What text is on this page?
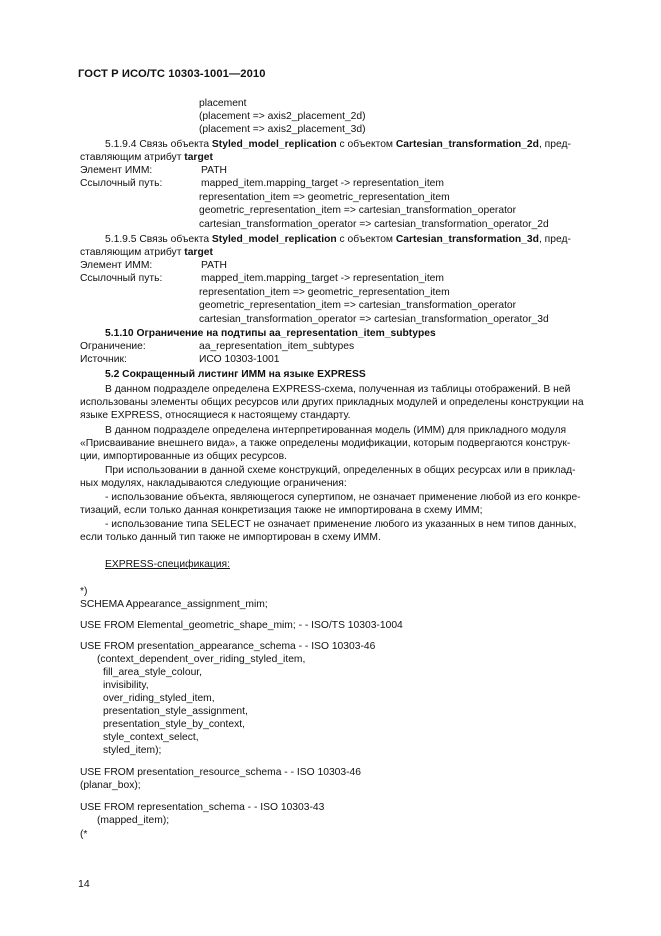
ГОСТ Р ИСО/ТС 10303-1001—2010
placement
(placement => axis2_placement_2d)
(placement => axis2_placement_3d)
5.1.9.4 Связь объекта Styled_model_replication с объектом Cartesian_transformation_2d, пред-
ставляющим атрибут target
Элемент ИММ:	PATH
Ссылочный путь:	mapped_item.mapping_target -> representation_item
representation_item => geometric_representation_item
geometric_representation_item => cartesian_transformation_operator
cartesian_transformation_operator => cartesian_transformation_operator_2d
5.1.9.5 Связь объекта Styled_model_replication с объектом Cartesian_transformation_3d, пред-
ставляющим атрибут target
Элемент ИММ:	PATH
Ссылочный путь:	mapped_item.mapping_target -> representation_item
representation_item => geometric_representation_item
geometric_representation_item => cartesian_transformation_operator
cartesian_transformation_operator => cartesian_transformation_operator_3d
5.1.10 Ограничение на подтипы aa_representation_item_subtypes
Ограничение:	aa_representation_item_subtypes
Источник:	ИСО 10303-1001
5.2 Сокращенный листинг ИММ на языке EXPRESS
В данном подразделе определена EXPRESS-схема, полученная из таблицы отображений. В ней
использованы элементы общих ресурсов или других прикладных модулей и определены конструкции на
языке EXPRESS, относящиеся к настоящему стандарту.
В данном подразделе определена интерпретированная модель (ИММ) для прикладного модуля
«Присваивание внешнего вида», а также определены модификации, которым подвергаются конструк-
ции, импортированные из общих ресурсов.
При использовании в данной схеме конструкций, определенных в общих ресурсах или в приклад-
ных модулях, накладываются следующие ограничения:
- использование объекта, являющегося супертипом, не означает применение любой из его конкре-
тизаций, если только данная конкретизация также не импортирована в схему ИММ;
- использование типа SELECT не означает применение любого из указанных в нем типов данных,
если только данный тип также не импортирован в схему ИММ.
EXPRESS-спецификация:
*)
SCHEMA Appearance_assignment_mim;
USE FROM Elemental_geometric_shape_mim; - - ISO/TS 10303-1004
USE FROM presentation_appearance_schema - - ISO 10303-46
(context_dependent_over_riding_styled_item,
fill_area_style_colour,
invisibility,
over_riding_styled_item,
presentation_style_assignment,
presentation_style_by_context,
style_context_select,
styled_item);
USE FROM presentation_resource_schema - - ISO 10303-46
(planar_box);
USE FROM representation_schema - - ISO 10303-43
(mapped_item);
(*
14
